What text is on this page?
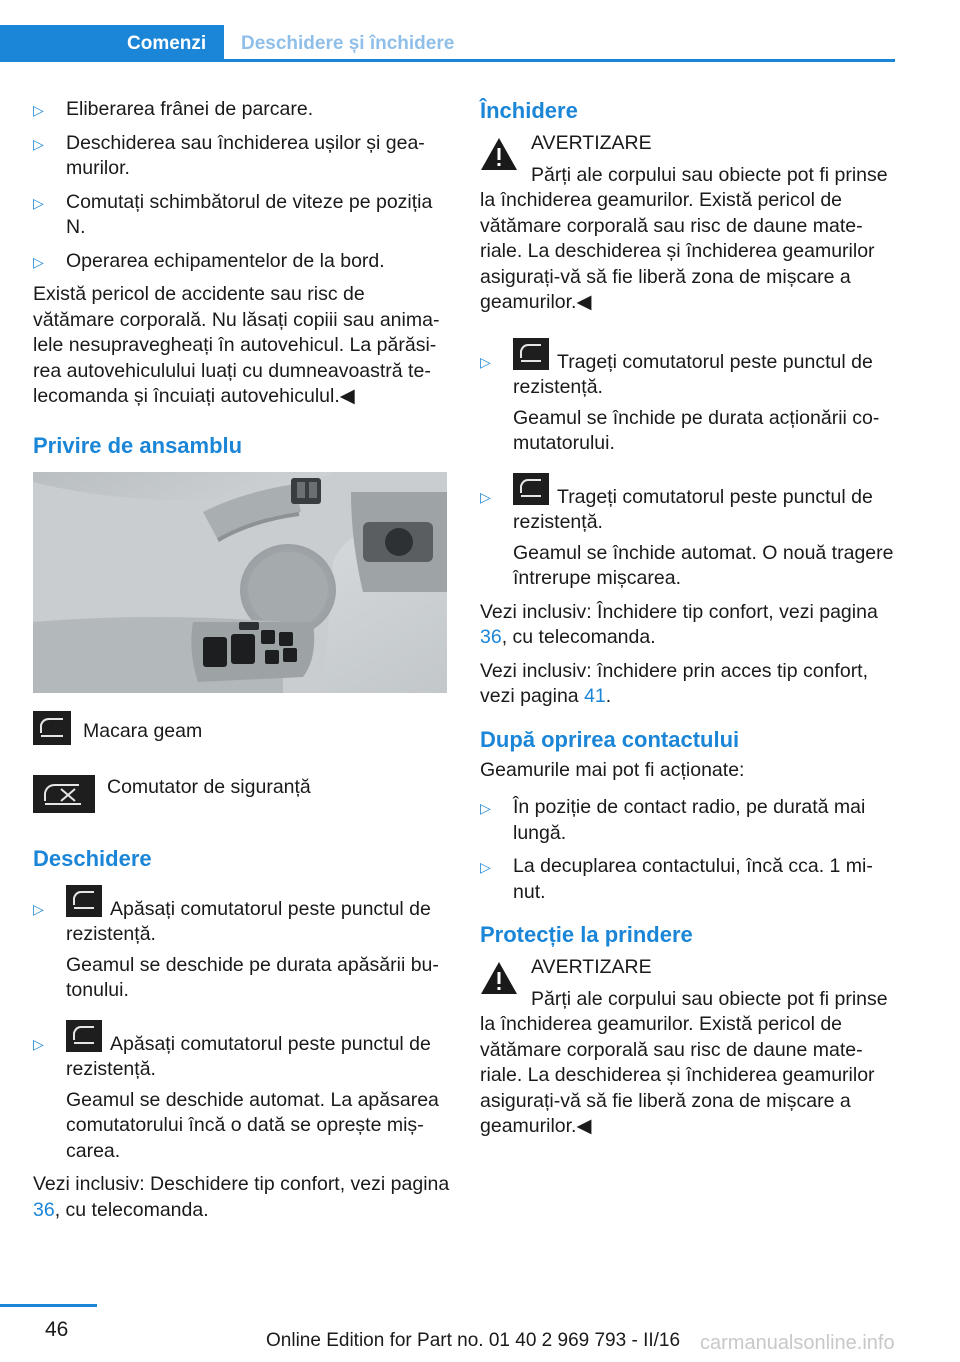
Comenzi	Deschidere și închidere
▷ Eliberarea frânei de parcare.
▷ Deschiderea sau închiderea ușilor și geamurilor.
▷ Comutați schimbătorul de viteze pe poziția N.
▷ Operarea echipamentelor de la bord.

Există pericol de accidente sau risc de vătămare corporală. Nu lăsați copiii sau animalele nesupravegheați în autovehicul. La părăsirea autovehiculului luați cu dumneavoastră telecomanda și încuiați autovehiculul.◀

Privire de ansamblu
Macara geam
Comutator de siguranță
Deschidere
▷	Apăsați comutatorul peste punctul de rezistență.
Geamul se deschide pe durata apăsării butonului.
▷	Apăsați comutatorul peste punctul de rezistență.
Geamul se deschide automat. La apăsarea comutatorului încă o dată se oprește mișcarea.

Vezi inclusiv: Deschidere tip confort, vezi pagina 36, cu telecomanda.

Închidere
AVERTIZARE
Părți ale corpului sau obiecte pot fi prinse la închiderea geamurilor. Există pericol de vătămare corporală sau risc de daune materiale. La deschiderea și închiderea geamurilor asigurați-vă să fie liberă zona de mișcare a geamurilor.◀
▷	Trageți comutatorul peste punctul de rezistență.
Geamul se închide pe durata acționării comutatorului.
▷	Trageți comutatorul peste punctul de rezistență.
Geamul se închide automat. O nouă tragere întrerupe mișcarea.

Vezi inclusiv: Închidere tip confort, vezi pagina 36, cu telecomanda.

Vezi inclusiv: închidere prin acces tip confort, vezi pagina 41.

După oprirea contactului

Geamurile mai pot fi acționate:

▷ În poziție de contact radio, pe durată mai lungă.
▷ La decuplarea contactului, încă cca. 1 minut.
Protecție la prindere
AVERTIZARE
Părți ale corpului sau obiecte pot fi prinse la închiderea geamurilor. Există pericol de vătămare corporală sau risc de daune materiale. La deschiderea și închiderea geamurilor asigurați-vă să fie liberă zona de mișcare a geamurilor.◀
46	Online Edition for Part no. 01 40 2 969 793 - II/16 carmanualsonline.info
